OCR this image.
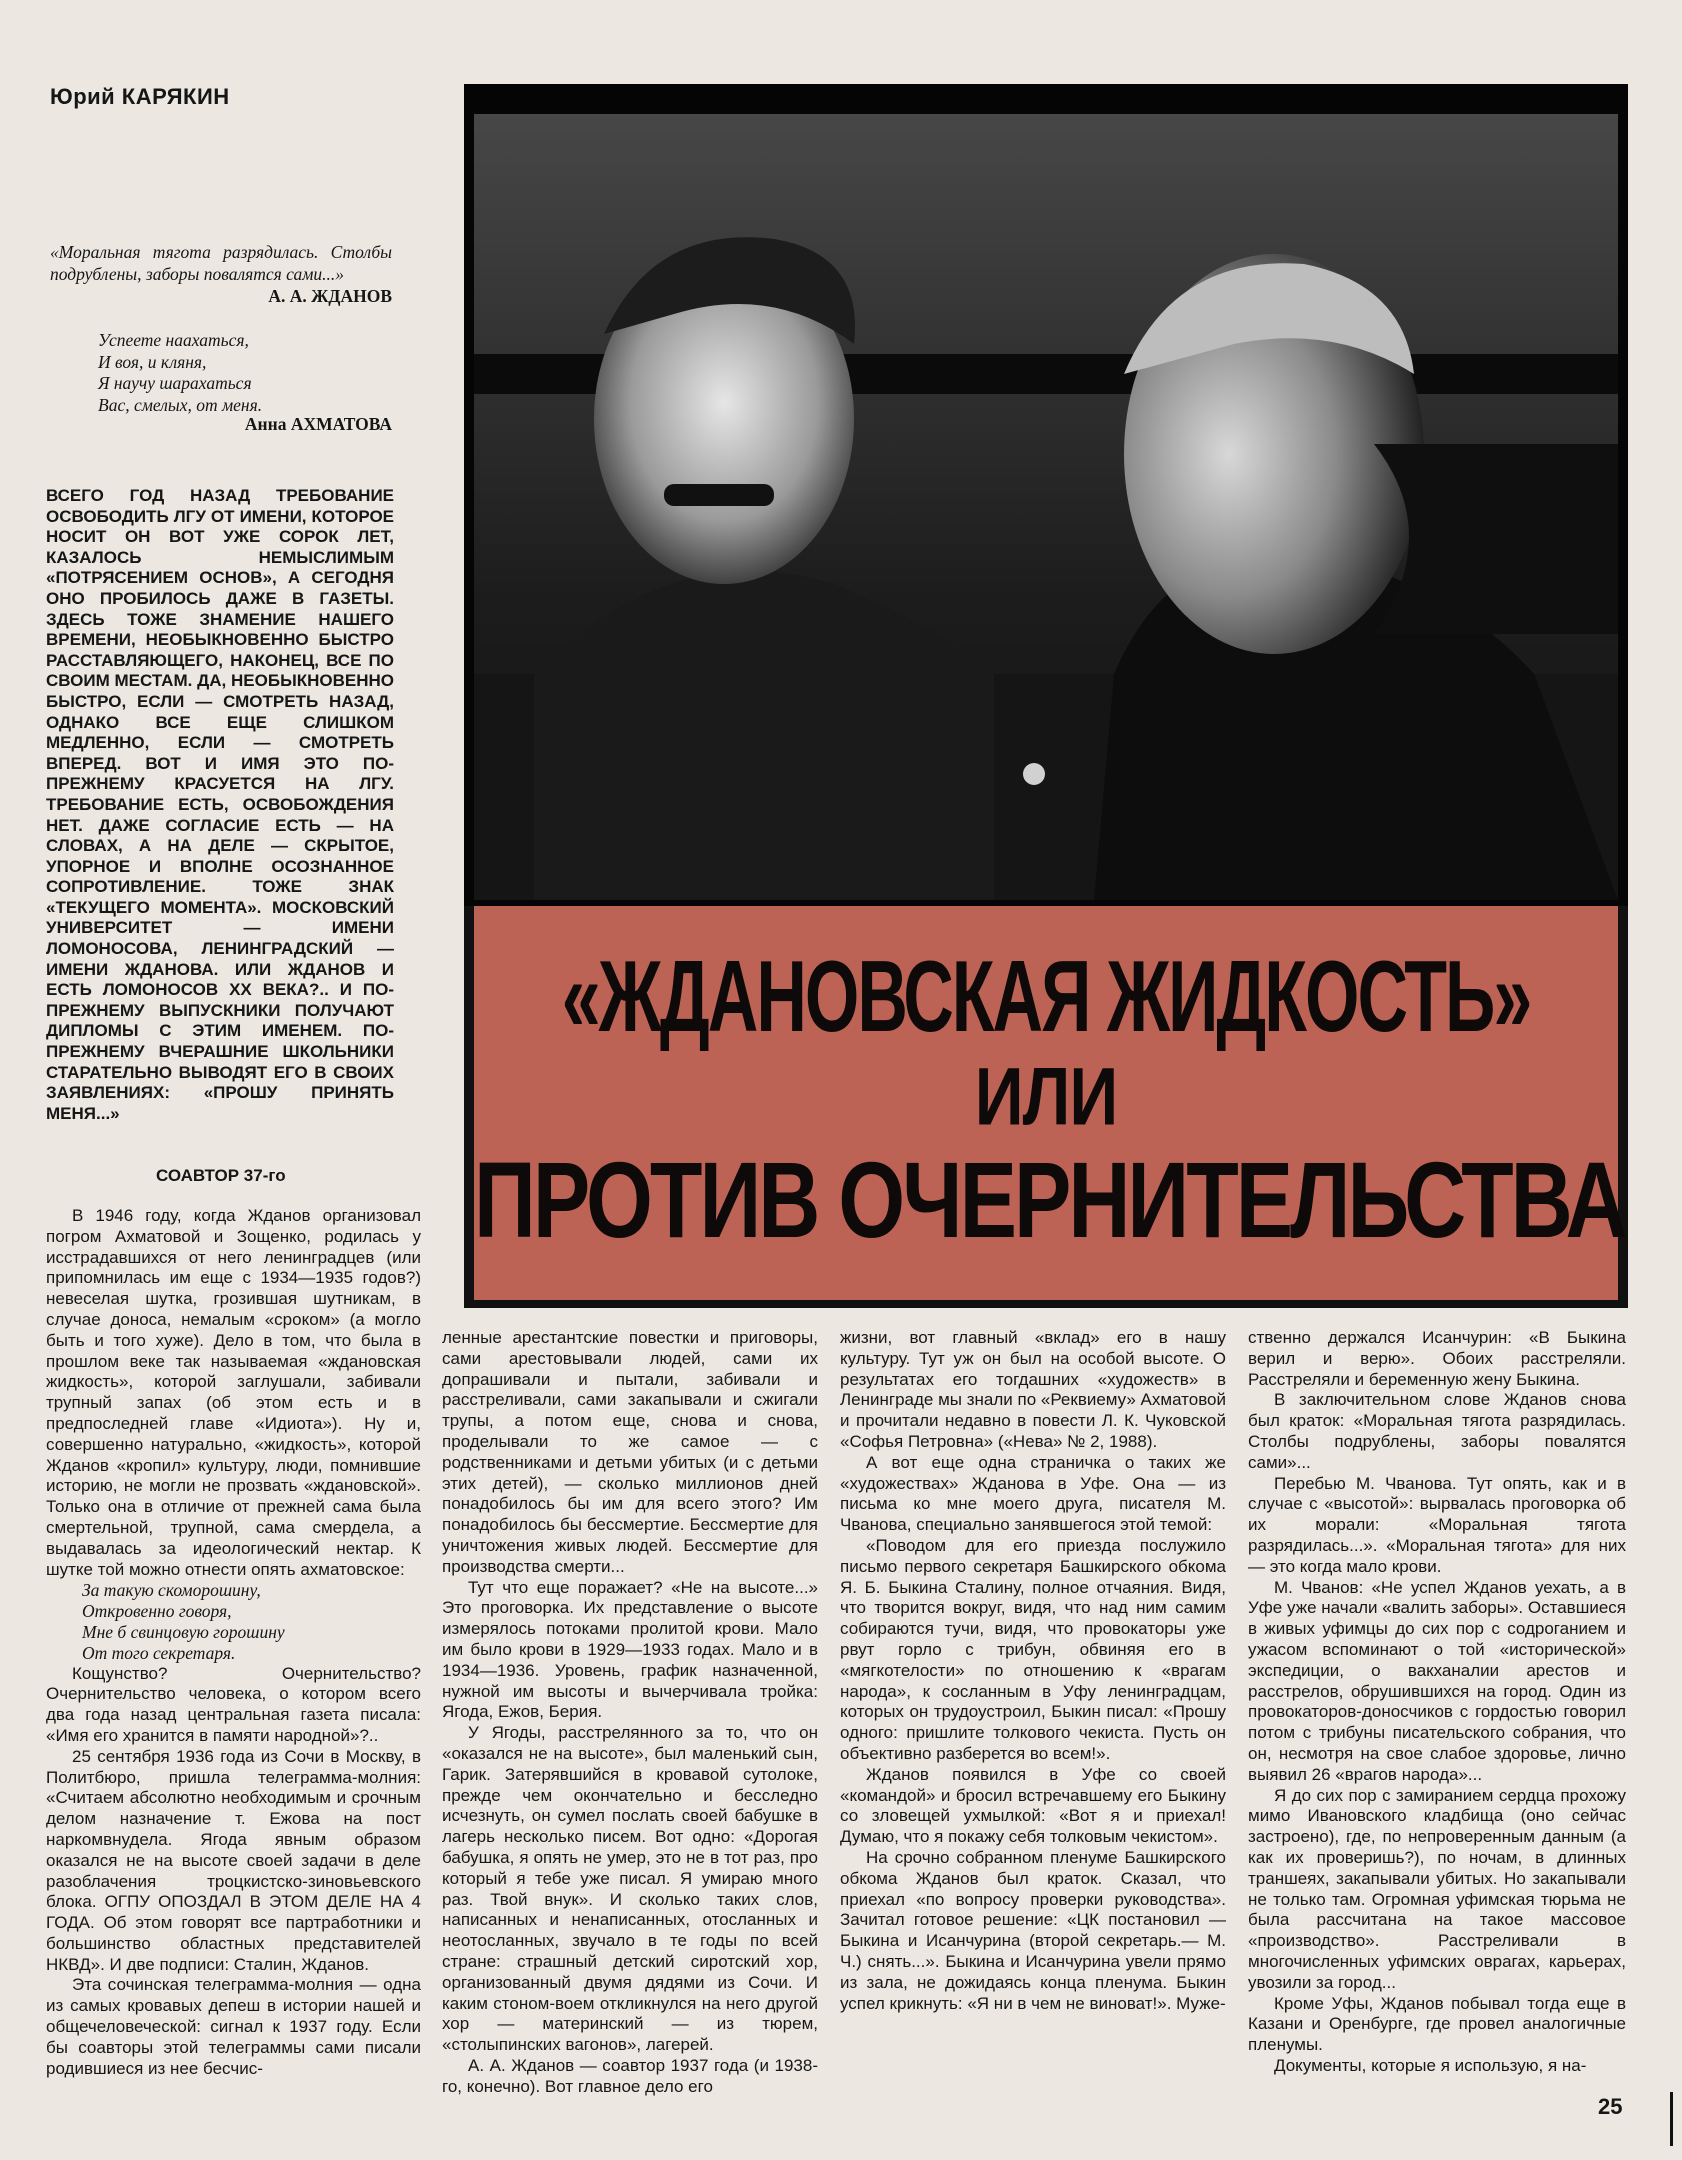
Юрий КАРЯКИН
«Моральная тягота разрядилась. Столбы подрублены, заборы повалятся сами...»
А. А. ЖДАНОВ
Успеете наахаться,
И воя, и кляня,
Я научу шарахаться
Вас, смелых, от меня.
Анна АХМАТОВА
ВСЕГО ГОД НАЗАД ТРЕБОВАНИЕ ОСВОБОДИТЬ ЛГУ ОТ ИМЕНИ, КОТОРОЕ НОСИТ ОН ВОТ УЖЕ СОРОК ЛЕТ, КАЗАЛОСЬ НЕМЫСЛИМЫМ «ПОТРЯСЕНИЕМ ОСНОВ», А СЕГОДНЯ ОНО ПРОБИЛОСЬ ДАЖЕ В ГАЗЕТЫ. ЗДЕСЬ ТОЖЕ ЗНАМЕНИЕ НАШЕГО ВРЕМЕНИ, НЕОБЫКНОВЕННО БЫСТРО РАССТАВЛЯЮЩЕГО, НАКОНЕЦ, ВСЕ ПО СВОИМ МЕСТАМ. ДА, НЕОБЫКНОВЕННО БЫСТРО, ЕСЛИ — СМОТРЕТЬ НАЗАД, ОДНАКО ВСЕ ЕЩЕ СЛИШКОМ МЕДЛЕННО, ЕСЛИ — СМОТРЕТЬ ВПЕРЕД. ВОТ И ИМЯ ЭТО ПО-ПРЕЖНЕМУ КРАСУЕТСЯ НА ЛГУ. ТРЕБОВАНИЕ ЕСТЬ, ОСВОБОЖДЕНИЯ НЕТ. ДАЖЕ СОГЛАСИЕ ЕСТЬ — НА СЛОВАХ, А НА ДЕЛЕ — СКРЫТОЕ, УПОРНОЕ И ВПОЛНЕ ОСОЗНАННОЕ СОПРОТИВЛЕНИЕ. ТОЖЕ ЗНАК «ТЕКУЩЕГО МОМЕНТА». МОСКОВСКИЙ УНИВЕРСИТЕТ — ИМЕНИ ЛОМОНОСОВА, ЛЕНИНГРАДСКИЙ — ИМЕНИ ЖДАНОВА. ИЛИ ЖДАНОВ И ЕСТЬ ЛОМОНОСОВ XX ВЕКА?.. И ПО-ПРЕЖНЕМУ ВЫПУСКНИКИ ПОЛУЧАЮТ ДИПЛОМЫ С ЭТИМ ИМЕНЕМ. ПО-ПРЕЖНЕМУ ВЧЕРАШНИЕ ШКОЛЬНИКИ СТАРАТЕЛЬНО ВЫВОДЯТ ЕГО В СВОИХ ЗАЯВЛЕНИЯХ: «ПРОШУ ПРИНЯТЬ МЕНЯ...»
СОАВТОР 37-го
«ЖДАНОВСКАЯ ЖИДКОСТЬ»
ИЛИ
ПРОТИВ ОЧЕРНИТЕЛЬСТВА

В 1946 году, когда Жданов организовал погром Ахматовой и Зощенко, родилась у исстрадавшихся от него ленинградцев (или припомнилась им еще с 1934—1935 годов?) невеселая шутка, грозившая шутникам, в случае доноса, немалым «сроком» (а могло быть и того хуже). Дело в том, что была в прошлом веке так называемая «ждановская жидкость», которой заглушали, забивали трупный запах (об этом есть и в предпоследней главе «Идиота»). Ну и, совершенно натурально, «жидкость», которой Жданов «кропил» культуру, люди, помнившие историю, не могли не прозвать «ждановской». Только она в отличие от прежней сама была смертельной, трупной, сама смердела, а выдавалась за идеологический нектар. К шутке той можно отнести опять ахматовское:

За такую скоморошину,

Откровенно говоря,

Мне б свинцовую горошину

От того секретаря.

Кощунство? Очернительство? Очернительство человека, о котором всего два года назад центральная газета писала: «Имя его хранится в памяти народной»?..

25 сентября 1936 года из Сочи в Москву, в Политбюро, пришла телеграмма-молния: «Считаем абсолютно необходимым и срочным делом назначение т. Ежова на пост наркомвнудела. Ягода явным образом оказался не на высоте своей задачи в деле разоблачения троцкистско-зиновьевского блока. ОГПУ ОПОЗДАЛ В ЭТОМ ДЕЛЕ НА 4 ГОДА. Об этом говорят все партработники и большинство областных представителей НКВД». И две подписи: Сталин, Жданов.

Эта сочинская телеграмма-молния — одна из самых кровавых депеш в истории нашей и общечеловеческой: сигнал к 1937 году. Если бы соавторы этой телеграммы сами писали родившиеся из нее бесчис-

ленные арестантские повестки и приговоры, сами арестовывали людей, сами их допрашивали и пытали, забивали и расстреливали, сами закапывали и сжигали трупы, а потом еще, снова и снова, проделывали то же самое — с родственниками и детьми убитых (и с детьми этих детей), — сколько миллионов дней понадобилось бы им для всего этого? Им понадобилось бы бессмертие. Бессмертие для уничтожения живых людей. Бессмертие для производства смерти...

Тут что еще поражает? «Не на высоте...» Это проговорка. Их представление о высоте измерялось потоками пролитой крови. Мало им было крови в 1929—1933 годах. Мало и в 1934—1936. Уровень, график назначенной, нужной им высоты и вычерчивала тройка: Ягода, Ежов, Берия.

У Ягоды, расстрелянного за то, что он «оказался не на высоте», был маленький сын, Гарик. Затерявшийся в кровавой сутолоке, прежде чем окончательно и бесследно исчезнуть, он сумел послать своей бабушке в лагерь несколько писем. Вот одно: «Дорогая бабушка, я опять не умер, это не в тот раз, про который я тебе уже писал. Я умираю много раз. Твой внук». И сколько таких слов, написанных и ненаписанных, отосланных и неотосланных, звучало в те годы по всей стране: страшный детский сиротский хор, организованный двумя дядями из Сочи. И каким стоном-воем откликнулся на него другой хор — материнский — из тюрем, «столыпинских вагонов», лагерей.

А. А. Жданов — соавтор 1937 года (и 1938-го, конечно). Вот главное дело его

жизни, вот главный «вклад» его в нашу культуру. Тут уж он был на особой высоте. О результатах его тогдашних «художеств» в Ленинграде мы знали по «Реквиему» Ахматовой и прочитали недавно в повести Л. К. Чуковской «Софья Петровна» («Нева» № 2, 1988).

А вот еще одна страничка о таких же «художествах» Жданова в Уфе. Она — из письма ко мне моего друга, писателя М. Чванова, специально занявшегося этой темой:

«Поводом для его приезда послужило письмо первого секретаря Башкирского обкома Я. Б. Быкина Сталину, полное отчаяния. Видя, что творится вокруг, видя, что над ним самим собираются тучи, видя, что провокаторы уже рвут горло с трибун, обвиняя его в «мягкотелости» по отношению к «врагам народа», к сосланным в Уфу ленинградцам, которых он трудоустроил, Быкин писал: «Прошу одного: пришлите толкового чекиста. Пусть он объективно разберется во всем!».

Жданов появился в Уфе со своей «командой» и бросил встречавшему его Быкину со зловещей ухмылкой: «Вот я и приехал! Думаю, что я покажу себя толковым чекистом».

На срочно собранном пленуме Башкирского обкома Жданов был краток. Сказал, что приехал «по вопросу проверки руководства». Зачитал готовое решение: «ЦК постановил — Быкина и Исанчурина (второй секретарь.— М. Ч.) снять...». Быкина и Исанчурина увели прямо из зала, не дожидаясь конца пленума. Быкин успел крикнуть: «Я ни в чем не виноват!». Муже-

ственно держался Исанчурин: «В Быкина верил и верю». Обоих расстреляли. Расстреляли и беременную жену Быкина.

В заключительном слове Жданов снова был краток: «Моральная тягота разрядилась. Столбы подрублены, заборы повалятся сами»...

Перебью М. Чванова. Тут опять, как и в случае с «высотой»: вырвалась проговорка об их морали: «Моральная тягота разрядилась...». «Моральная тягота» для них — это когда мало крови.

М. Чванов: «Не успел Жданов уехать, а в Уфе уже начали «валить заборы». Оставшиеся в живых уфимцы до сих пор с содроганием и ужасом вспоминают о той «исторической» экспедиции, о вакханалии арестов и расстрелов, обрушившихся на город. Один из провокаторов-доносчиков с гордостью говорил потом с трибуны писательского собрания, что он, несмотря на свое слабое здоровье, лично выявил 26 «врагов народа»...

Я до сих пор с замиранием сердца прохожу мимо Ивановского кладбища (оно сейчас застроено), где, по непроверенным данным (а как их проверишь?), по ночам, в длинных траншеях, закапывали убитых. Но закапывали не только там. Огромная уфимская тюрьма не была рассчитана на такое массовое «производство». Расстреливали в многочисленных уфимских оврагах, карьерах, увозили за город...

Кроме Уфы, Жданов побывал тогда еще в Казани и Оренбурге, где провел аналогичные пленумы.

Документы, которые я использую, я на-

25
